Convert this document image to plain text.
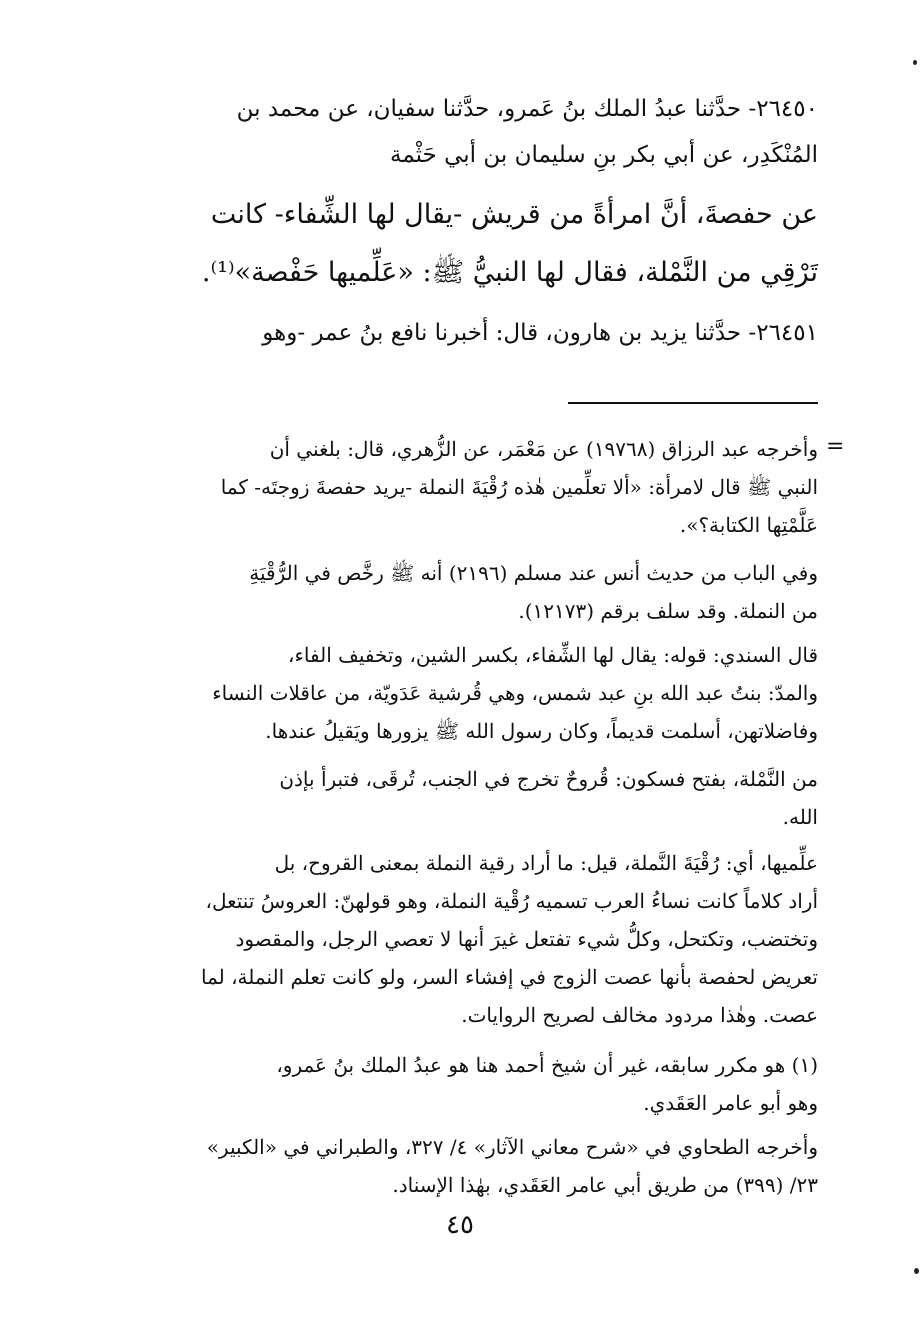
٢٦٤٥٠- حدَّثنا عبدُ الملك بنُ عَمرو، حدَّثنا سفيان، عن محمد بن
المُنْكَدِر، عن أبي بكر بنِ سليمان بن أبي حَثْمة

عن حفصةَ، أنَّ امرأةً من قريش -يقال لها الشِّفاء- كانت
تَرْقِي من النَّمْلة، فقال لها النبيُّ ﷺ: «عَلِّميها حَفْصة»⁽¹⁾.

٢٦٤٥١- حدَّثنا يزيد بن هارون، قال: أخبرنا نافع بنُ عمر -وهو

=

وأخرجه عبد الرزاق (١٩٧٦٨) عن مَعْمَر، عن الزُّهري، قال: بلغني أن
النبي ﷺ قال لامرأة: «ألا تعلِّمين هٰذه رُقْيَةَ النملة -يريد حفصةَ زوجتَه- كما
عَلَّمْتِها الكتابة؟».

وفي الباب من حديث أنس عند مسلم (٢١٩٦) أنه ﷺ رخَّص في الرُّقْيَةِ
من النملة. وقد سلف برقم (١٢١٧٣).

قال السندي: قوله: يقال لها الشِّفاء، بكسر الشين، وتخفيف الفاء،
والمدّ: بنتُ عبد الله بنِ عبد شمس، وهي قُرشية عَدَويّة، من عاقلات النساء
وفاضلاتهن، أسلمت قديماً، وكان رسول الله ﷺ يزورها ويَقيلُ عندها.

من النَّمْلة، بفتح فسكون: قُروحٌ تخرج في الجنب، تُرقَى، فتبرأ بإذن
الله.

علِّميها، أي: رُقْيَةَ النَّملة، قيل: ما أراد رقية النملة بمعنى القروح، بل
أراد كلاماً كانت نساءُ العرب تسميه رُقْية النملة، وهو قولهنّ: العروسُ تنتعل،
وتختضب، وتكتحل، وكلُّ شيء تفتعل غيرَ أنها لا تعصي الرجل، والمقصود
تعريض لحفصة بأنها عصت الزوج في إفشاء السر، ولو كانت تعلم النملة، لما
عصت. وهٰذا مردود مخالف لصريح الروايات.

(١) هو مكرر سابقه، غير أن شيخ أحمد هنا هو عبدُ الملك بنُ عَمرو،
وهو أبو عامر العَقَدي.

وأخرجه الطحاوي في «شرح معاني الآثار» ٤/ ٣٢٧، والطبراني في «الكبير»
٢٣/ (٣٩٩) من طريق أبي عامر العَقَدي، بهٰذا الإسناد.

٤٥
